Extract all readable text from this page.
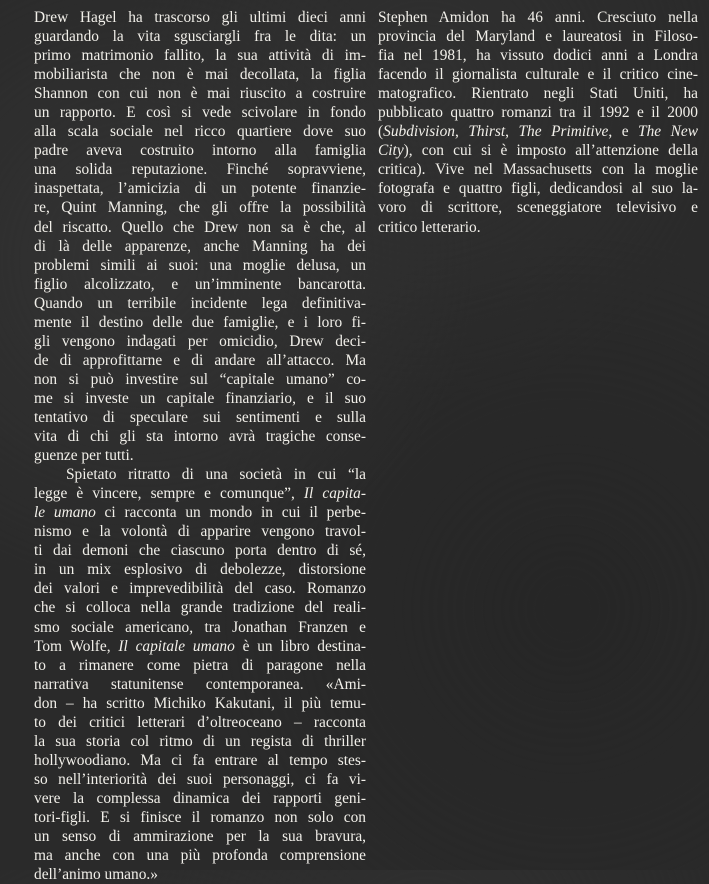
Drew Hagel ha trascorso gli ultimi dieci anni
guardando la vita sgusciargli fra le dita: un
primo matrimonio fallito, la sua attività di im-
mobiliarista che non è mai decollata, la figlia
Shannon con cui non è mai riuscito a costruire
un rapporto. E così si vede scivolare in fondo
alla scala sociale nel ricco quartiere dove suo
padre aveva costruito intorno alla famiglia
una solida reputazione. Finché sopravviene,
inaspettata, l’amicizia di un potente finanzie-
re, Quint Manning, che gli offre la possibilità
del riscatto. Quello che Drew non sa è che, al
di là delle apparenze, anche Manning ha dei
problemi simili ai suoi: una moglie delusa, un
figlio alcolizzato, e un’imminente bancarotta.
Quando un terribile incidente lega definitiva-
mente il destino delle due famiglie, e i loro fi-
gli vengono indagati per omicidio, Drew deci-
de di approfittarne e di andare all’attacco. Ma
non si può investire sul “capitale umano” co-
me si investe un capitale finanziario, e il suo
tentativo di speculare sui sentimenti e sulla
vita di chi gli sta intorno avrà tragiche conse-
guenze per tutti.
Spietato ritratto di una società in cui “la
legge è vincere, sempre e comunque”, Il capita-
le umano ci racconta un mondo in cui il perbe-
nismo e la volontà di apparire vengono travol-
ti dai demoni che ciascuno porta dentro di sé,
in un mix esplosivo di debolezze, distorsione
dei valori e imprevedibilità del caso. Romanzo
che si colloca nella grande tradizione del reali-
smo sociale americano, tra Jonathan Franzen e
Tom Wolfe, Il capitale umano è un libro destina-
to a rimanere come pietra di paragone nella
narrativa statunitense contemporanea. «Ami-
don – ha scritto Michiko Kakutani, il più temu-
to dei critici letterari d’oltreoceano – racconta
la sua storia col ritmo di un regista di thriller
hollywoodiano. Ma ci fa entrare al tempo stes-
so nell’interiorità dei suoi personaggi, ci fa vi-
vere la complessa dinamica dei rapporti geni-
tori-figli. E si finisce il romanzo non solo con
un senso di ammirazione per la sua bravura,
ma anche con una più profonda comprensione
dell’animo umano.»
Stephen Amidon ha 46 anni. Cresciuto nella
provincia del Maryland e laureatosi in Filoso-
fia nel 1981, ha vissuto dodici anni a Londra
facendo il giornalista culturale e il critico cine-
matografico. Rientrato negli Stati Uniti, ha
pubblicato quattro romanzi tra il 1992 e il 2000
(Subdivision, Thirst, The Primitive, e The New
City), con cui si è imposto all’attenzione della
critica). Vive nel Massachusetts con la moglie
fotografa e quattro figli, dedicandosi al suo la-
voro di scrittore, sceneggiatore televisivo e
critico letterario.
